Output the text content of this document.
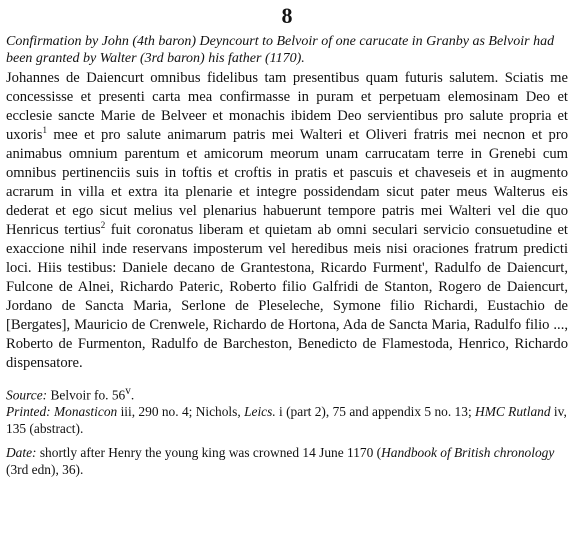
8

Confirmation by John (4th baron) Deyncourt to Belvoir of one carucate in Granby as Belvoir had been granted by Walter (3rd baron) his father (1170).

Johannes de Daiencurt omnibus fidelibus tam presentibus quam futuris salutem. Sciatis me concessisse et presenti carta mea confirmasse in puram et perpetuam elemosinam Deo et ecclesie sancte Marie de Belveer et monachis ibidem Deo servientibus pro salute propria et uxoris$^1$ mee et pro salute animarum patris mei Walteri et Oliveri fratris mei necnon et pro animabus omnium parentum et amicorum meorum unam carrucatam terre in Grenebi cum omnibus pertinenciis suis in toftis et croftis in pratis et pascuis et chaveseis et in augmento acrarum in villa et extra ita plenarie et integre possidendam sicut pater meus Walterus eis dederat et ego sicut melius vel plenarius habuerunt tempore patris mei Walteri vel die quo Henricus tertius$^2$ fuit coronatus liberam et quietam ab omni seculari servicio consuetudine et exaccione nihil inde reservans imposterum vel heredibus meis nisi oraciones fratrum predicti loci. Hiis testibus: Daniele decano de Grantestona, Ricardo Furment', Radulfo de Daiencurt, Fulcone de Alnei, Richardo Pateric, Roberto filio Galfridi de Stanton, Rogero de Daiencurt, Jordano de Sancta Maria, Serlone de Pleseleche, Symone filio Richardi, Eustachio de [Bergates], Mauricio de Crenwele, Richardo de Hortona, Ada de Sancta Maria, Radulfo filio ..., Roberto de Furmenton, Radulfo de Barcheston, Benedicto de Flamestoda, Henrico, Richardo dispensatore.

Source: Belvoir fo. 56$^v$.

Printed: Monasticon iii, 290 no. 4; Nichols, Leics. i (part 2), 75 and appendix 5 no. 13; HMC Rutland iv, 135 (abstract).

Date: shortly after Henry the young king was crowned 14 June 1170 (Handbook of British chronology (3rd edn), 36).
